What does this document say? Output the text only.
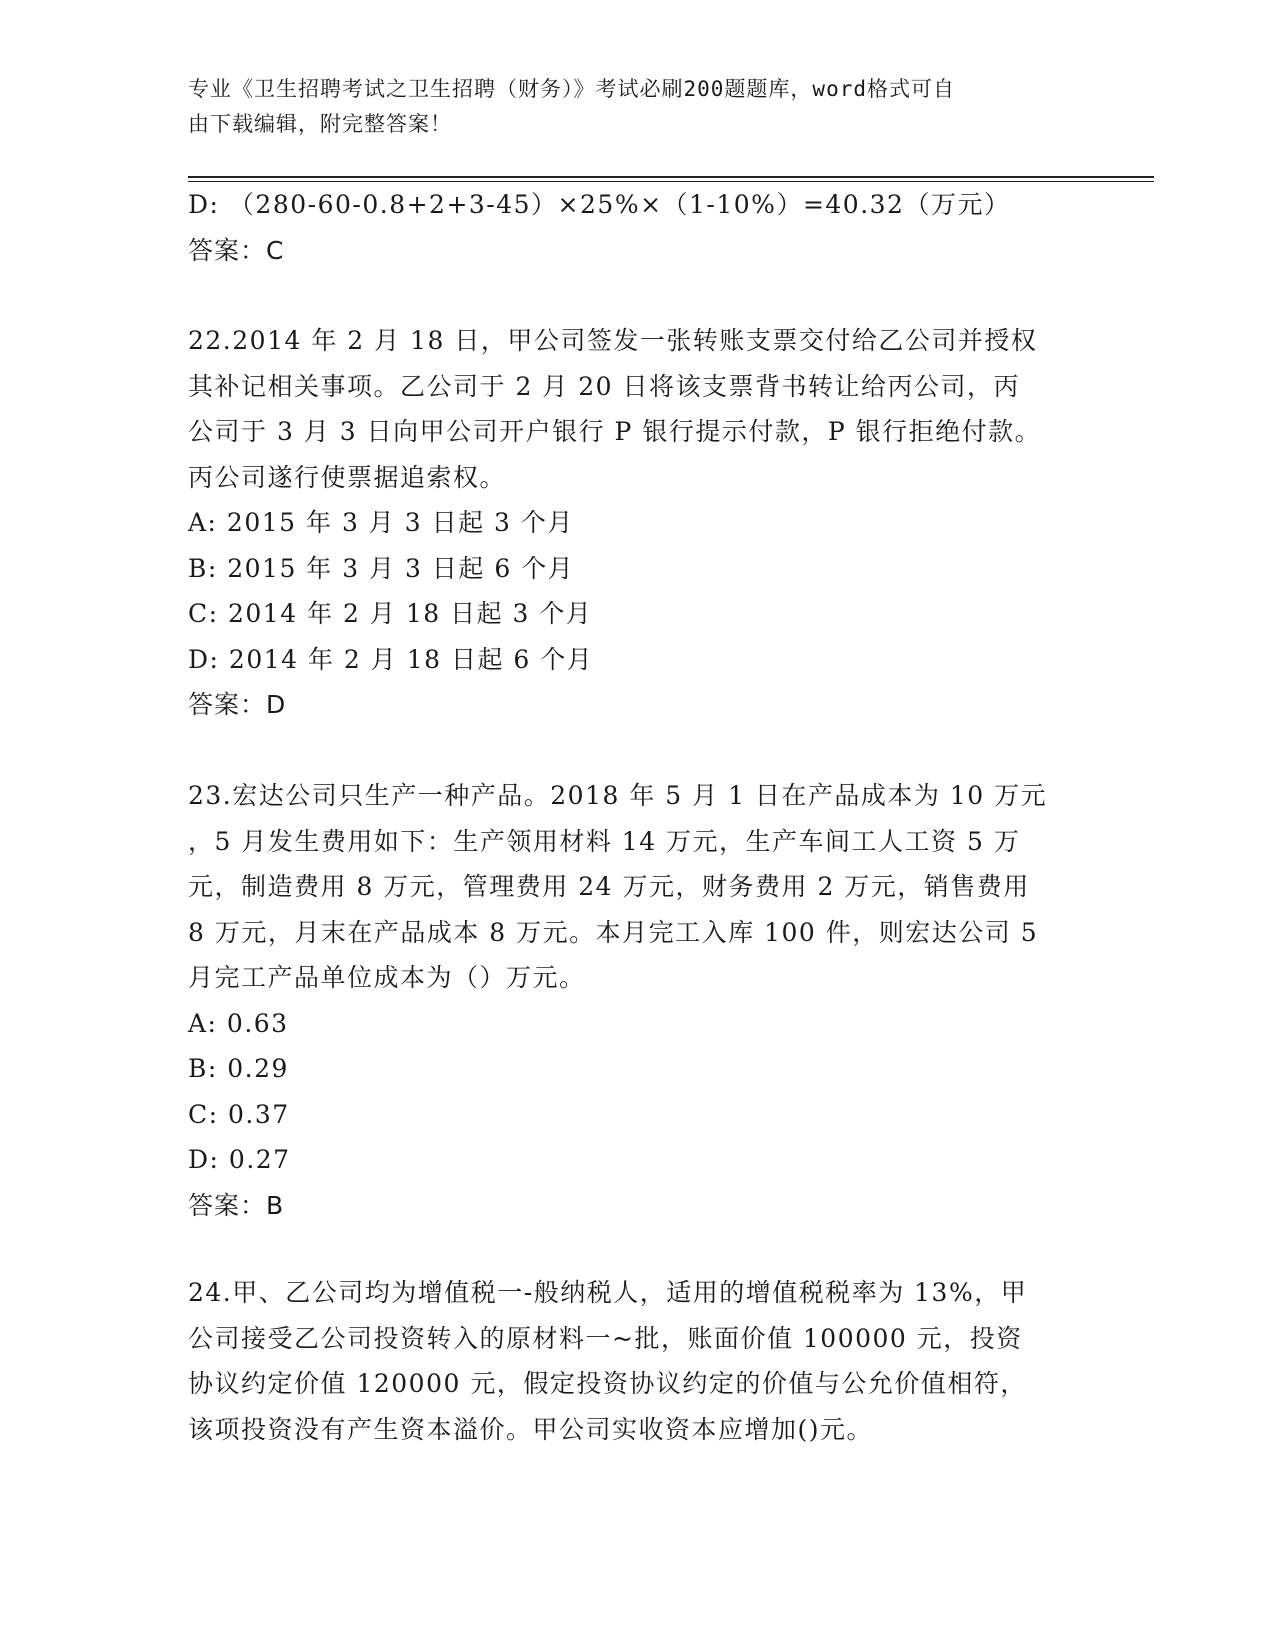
专业《卫生招聘考试之卫生招聘（财务）》考试必刷200题题库，word格式可自
由下载编辑，附完整答案！
D: （280-60-0.8+2+3-45）×25%×（1-10%）=40.32（万元）
答案：C
22.2014 年 2 月 18 日，甲公司签发一张转账支票交付给乙公司并授权
其补记相关事项。乙公司于 2 月 20 日将该支票背书转让给丙公司，丙
公司于 3 月 3 日向甲公司开户银行 P 银行提示付款，P 银行拒绝付款。
丙公司遂行使票据追索权。
A: 2015 年 3 月 3 日起 3 个月
B: 2015 年 3 月 3 日起 6 个月
C: 2014 年 2 月 18 日起 3 个月
D: 2014 年 2 月 18 日起 6 个月
答案：D
23.宏达公司只生产一种产品。2018 年 5 月 1 日在产品成本为 10 万元
，5 月发生费用如下：生产领用材料 14 万元，生产车间工人工资 5 万
元，制造费用 8 万元，管理费用 24 万元，财务费用 2 万元，销售费用
8 万元，月末在产品成本 8 万元。本月完工入库 100 件，则宏达公司 5
月完工产品单位成本为（）万元。
A: 0.63
B: 0.29
C: 0.37
D: 0.27
答案：B
24.甲、乙公司均为增值税一-般纳税人，适用的增值税税率为 13%，甲
公司接受乙公司投资转入的原材料一~批，账面价值 100000 元，投资
协议约定价值 120000 元，假定投资协议约定的价值与公允价值相符，
该项投资没有产生资本溢价。甲公司实收资本应增加()元。
